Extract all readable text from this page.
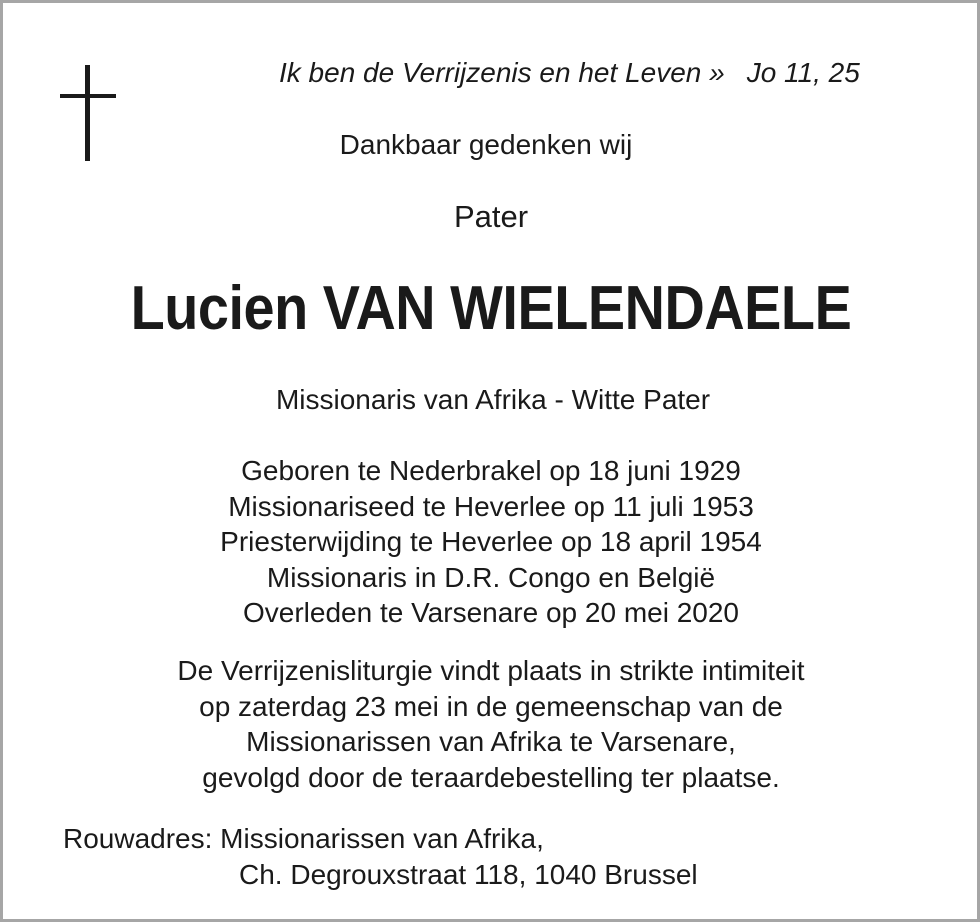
Ik ben de Verrijzenis en het Leven » Jo 11, 25
Dankbaar gedenken wij
Pater
Lucien VAN WIELENDAELE
Missionaris van Afrika - Witte Pater
Geboren te Nederbrakel op 18 juni 1929
Missionariseed te Heverlee op 11 juli 1953
Priesterwijding te Heverlee op 18 april 1954
Missionaris in D.R. Congo en België
Overleden te Varsenare op 20 mei 2020
De Verrijzenisliturgie vindt plaats in strikte intimiteit
op zaterdag 23 mei in de gemeenschap van de
Missionarissen van Afrika te Varsenare,
gevolgd door de teraardebestelling ter plaatse.
Rouwadres: Missionarissen van Afrika,
Ch. Degrouxstraat 118, 1040 Brussel
